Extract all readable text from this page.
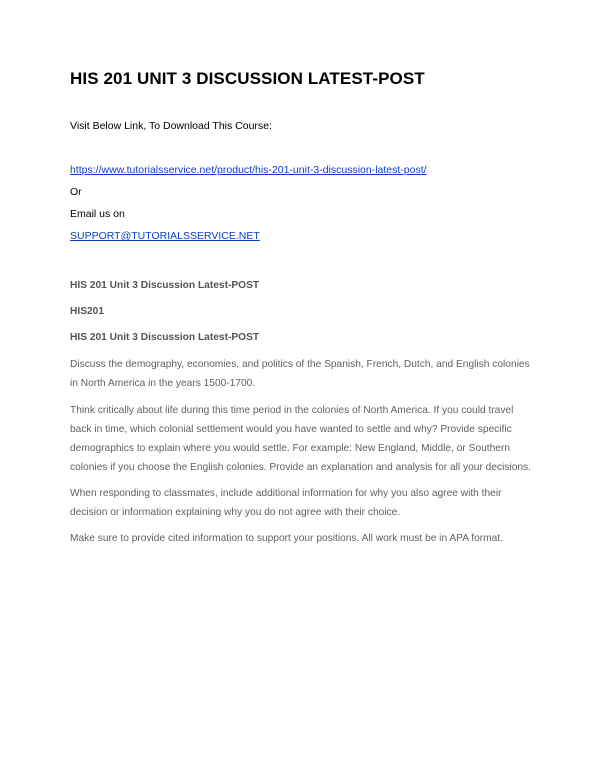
HIS 201 UNIT 3 DISCUSSION LATEST-POST

Visit Below Link, To Download This Course:

https://www.tutorialsservice.net/product/his-201-unit-3-discussion-latest-post/

Or

Email us on

SUPPORT@TUTORIALSSERVICE.NET

HIS 201 Unit 3 Discussion Latest-POST

HIS201

HIS 201 Unit 3 Discussion Latest-POST

Discuss the demography, economies, and politics of the Spanish, French, Dutch, and English colonies in North America in the years 1500-1700.

Think critically about life during this time period in the colonies of North America. If you could travel back in time, which colonial settlement would you have wanted to settle and why? Provide specific demographics to explain where you would settle. For example: New England, Middle, or Southern colonies if you choose the English colonies. Provide an explanation and analysis for all your decisions.

When responding to classmates, include additional information for why you also agree with their decision or information explaining why you do not agree with their choice.

Make sure to provide cited information to support your positions. All work must be in APA format.
